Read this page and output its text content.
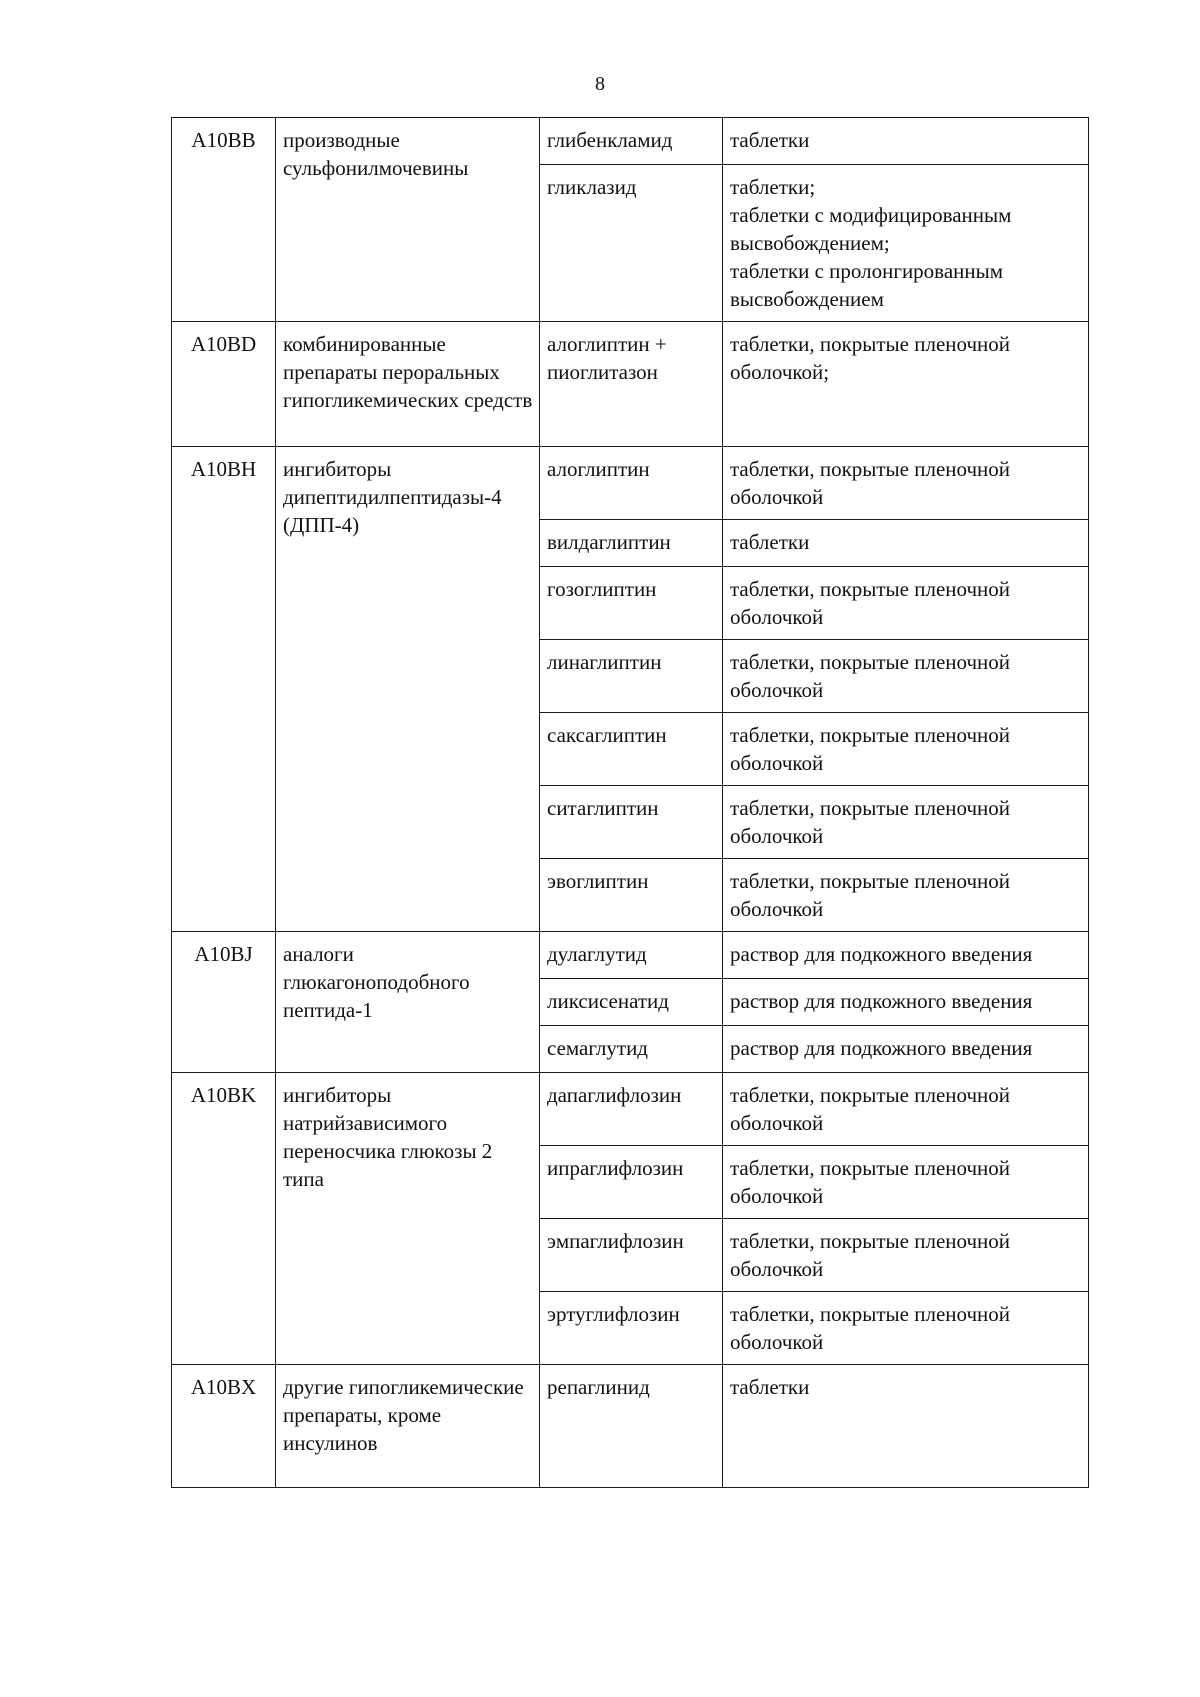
8
A10BB	производные сульфонилмочевины	глибенкламид	таблетки

		гликлазид	таблетки;
таблетки с модифицированным высвобождением;
таблетки с пролонгированным высвобождением

A10BD	комбинированные препараты пероральных гипогликемических средств	алоглиптин + пиоглитазон	таблетки, покрытые пленочной оболочкой;

A10BH	ингибиторы дипептидилпептидазы-4 (ДПП-4)	алоглиптин	таблетки, покрытые пленочной оболочкой

		вилдаглиптин	таблетки

		гозоглиптин	таблетки, покрытые пленочной оболочкой

		линаглиптин	таблетки, покрытые пленочной оболочкой

		саксаглиптин	таблетки, покрытые пленочной оболочкой

		ситаглиптин	таблетки, покрытые пленочной оболочкой

		эвоглиптин	таблетки, покрытые пленочной оболочкой

A10BJ	аналоги глюкагоноподобного пептида-1	дулаглутид	раствор для подкожного введения

		ликсисенатид	раствор для подкожного введения

		семаглутид	раствор для подкожного введения

A10BK	ингибиторы натрийзависимого переносчика глюкозы 2 типа	дапаглифлозин	таблетки, покрытые пленочной оболочкой

		ипраглифлозин	таблетки, покрытые пленочной оболочкой

		эмпаглифлозин	таблетки, покрытые пленочной оболочкой

		эртуглифлозин	таблетки, покрытые пленочной оболочкой

A10BX	другие гипогликемические препараты, кроме инсулинов	репаглинид	таблетки
